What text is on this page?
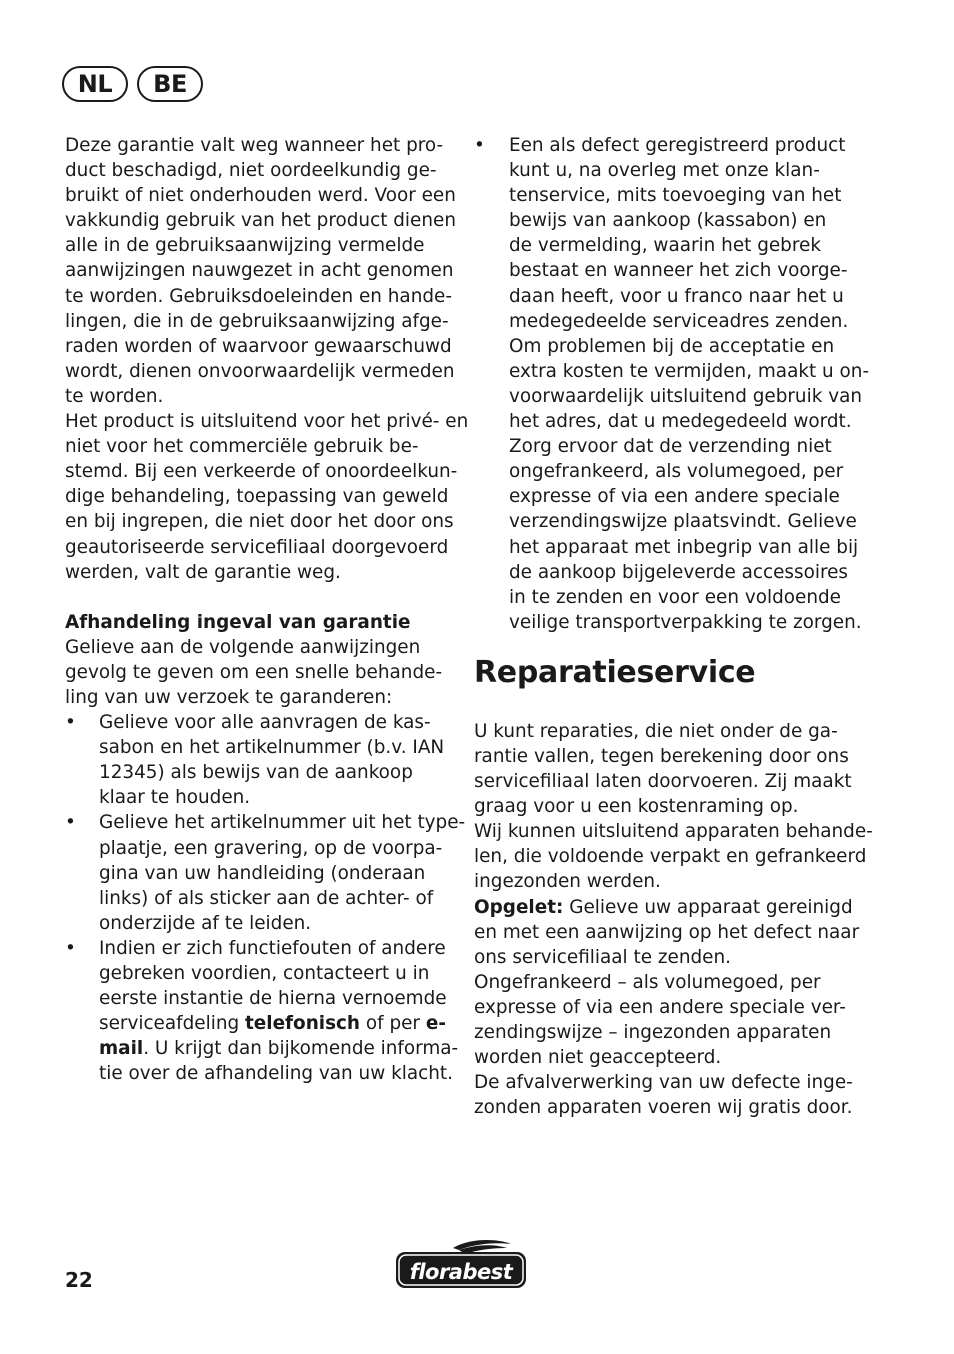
NL	BE

Deze garantie valt weg wanneer het pro-

duct beschadigd, niet oordeelkundig ge-

bruikt of niet onderhouden werd. Voor een

vakkundig gebruik van het product dienen

alle in de gebruiksaanwijzing vermelde

aanwijzingen nauwgezet in acht genomen

te worden. Gebruiksdoeleinden en hande-

lingen, die in de gebruiksaanwijzing afge-

raden worden of waarvoor gewaarschuwd

wordt, dienen onvoorwaardelijk vermeden

te worden.

Het product is uitsluitend voor het privé- en

niet voor het commerciële gebruik be-

stemd. Bij een verkeerde of onoordeelkun-

dige behandeling, toepassing van geweld

en bij ingrepen, die niet door het door ons

geautoriseerde servicefiliaal doorgevoerd

werden, valt de garantie weg.

Afhandeling ingeval van garantie

Gelieve aan de volgende aanwijzingen

gevolg te geven om een snelle behande-

ling van uw verzoek te garanderen:

• Gelieve voor alle aanvragen de kas-

sabon en het artikelnummer (b.v. IAN

12345) als bewijs van de aankoop

klaar te houden.

• Gelieve het artikelnummer uit het type-

plaatje, een gravering, op de voorpa-

gina van uw handleiding (onderaan

links) of als sticker aan de achter- of

onderzijde af te leiden.

• Indien er zich functiefouten of andere

gebreken voordien, contacteert u in

eerste instantie de hierna vernoemde

serviceafdeling telefonisch of per e-

mail. U krijgt dan bijkomende informa-

tie over de afhandeling van uw klacht.

• Een als defect geregistreerd product

kunt u, na overleg met onze klan-

tenservice, mits toevoeging van het

bewijs van aankoop (kassabon) en

de vermelding, waarin het gebrek

bestaat en wanneer het zich voorge-

daan heeft, voor u franco naar het u

medegedeelde serviceadres zenden.

Om problemen bij de acceptatie en

extra kosten te vermijden, maakt u on-

voorwaardelijk uitsluitend gebruik van

het adres, dat u medegedeeld wordt.

Zorg ervoor dat de verzending niet

ongefrankeerd, als volumegoed, per

expresse of via een andere speciale

verzendingswijze plaatsvindt. Gelieve

het apparaat met inbegrip van alle bij

de aankoop bijgeleverde accessoires

in te zenden en voor een voldoende

veilige transportverpakking te zorgen.

Reparatieservice

U kunt reparaties, die niet onder de ga-

rantie vallen, tegen berekening door ons

servicefiliaal laten doorvoeren. Zij maakt

graag voor u een kostenraming op.

Wij kunnen uitsluitend apparaten behande-

len, die voldoende verpakt en gefrankeerd

ingezonden werden.

Opgelet: Gelieve uw apparaat gereinigd

en met een aanwijzing op het defect naar

ons servicefiliaal te zenden.

Ongefrankeerd – als volumegoed, per

expresse of via een andere speciale ver-

zendingswijze – ingezonden apparaten

worden niet geaccepteerd.

De afvalverwerking van uw defecte inge-

zonden apparaten voeren wij gratis door.

22	florabest
